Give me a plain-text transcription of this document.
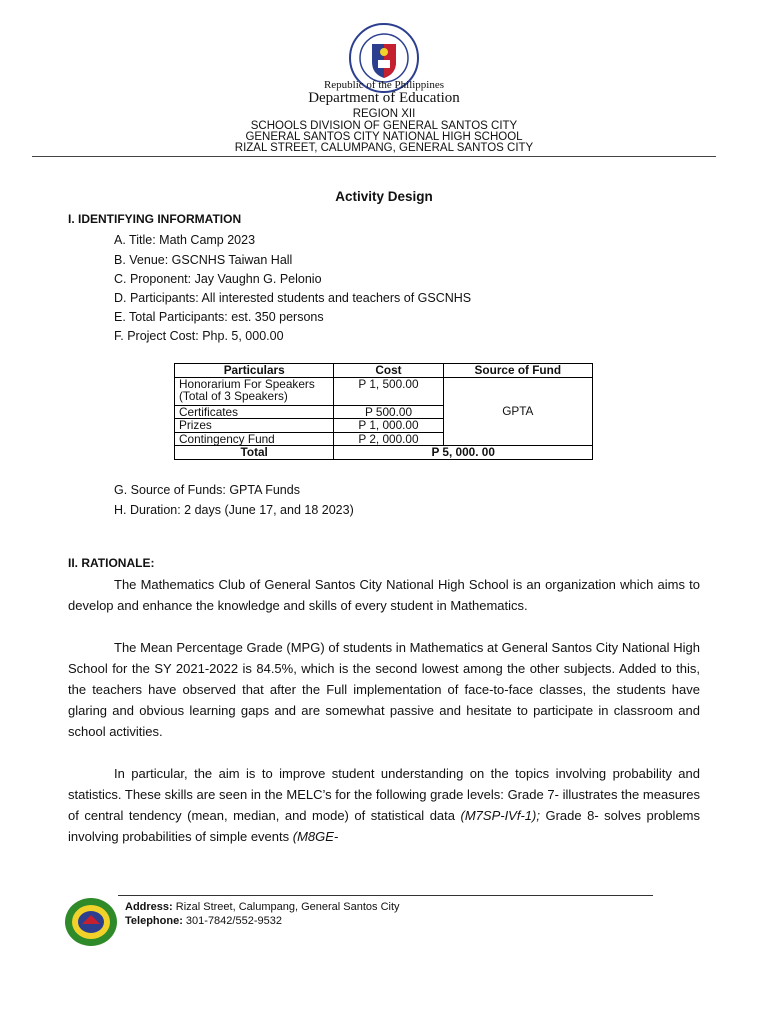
Republic of the Philippines
Department of Education
REGION XII
SCHOOLS DIVISION OF GENERAL SANTOS CITY
GENERAL SANTOS CITY NATIONAL HIGH SCHOOL
RIZAL STREET, CALUMPANG, GENERAL SANTOS CITY
Activity Design
I. IDENTIFYING INFORMATION
A. Title: Math Camp 2023
B. Venue: GSCNHS Taiwan Hall
C. Proponent: Jay Vaughn G. Pelonio
D. Participants: All interested students and teachers of GSCNHS
E. Total Participants: est. 350 persons
F. Project Cost: Php. 5, 000.00
Particulars	Cost	Source of Fund
Honorarium For Speakers (Total of 3 Speakers)	P 1, 500.00	GPTA
Certificates	P 500.00	
Prizes	P 1, 000.00	
Contingency Fund	P 2, 000.00	
Total	P 5, 000. 00	
G. Source of Funds: GPTA Funds
H. Duration: 2 days (June 17, and 18 2023)
II. RATIONALE:
The Mathematics Club of General Santos City National High School is an organization which aims to develop and enhance the knowledge and skills of every student in Mathematics.
The Mean Percentage Grade (MPG) of students in Mathematics at General Santos City National High School for the SY 2021-2022 is 84.5%, which is the second lowest among the other subjects. Added to this, the teachers have observed that after the Full implementation of face-to-face classes, the students have glaring and obvious learning gaps and are somewhat passive and hesitate to participate in classroom and school activities.
In particular, the aim is to improve student understanding on the topics involving probability and statistics. These skills are seen in the MELC’s for the following grade levels: Grade 7- illustrates the measures of central tendency (mean, median, and mode) of statistical data (M7SP-IVf-1); Grade 8- solves problems involving probabilities of simple events (M8GE-
Address: Rizal Street, Calumpang, General Santos City
Telephone: 301-7842/552-9532
